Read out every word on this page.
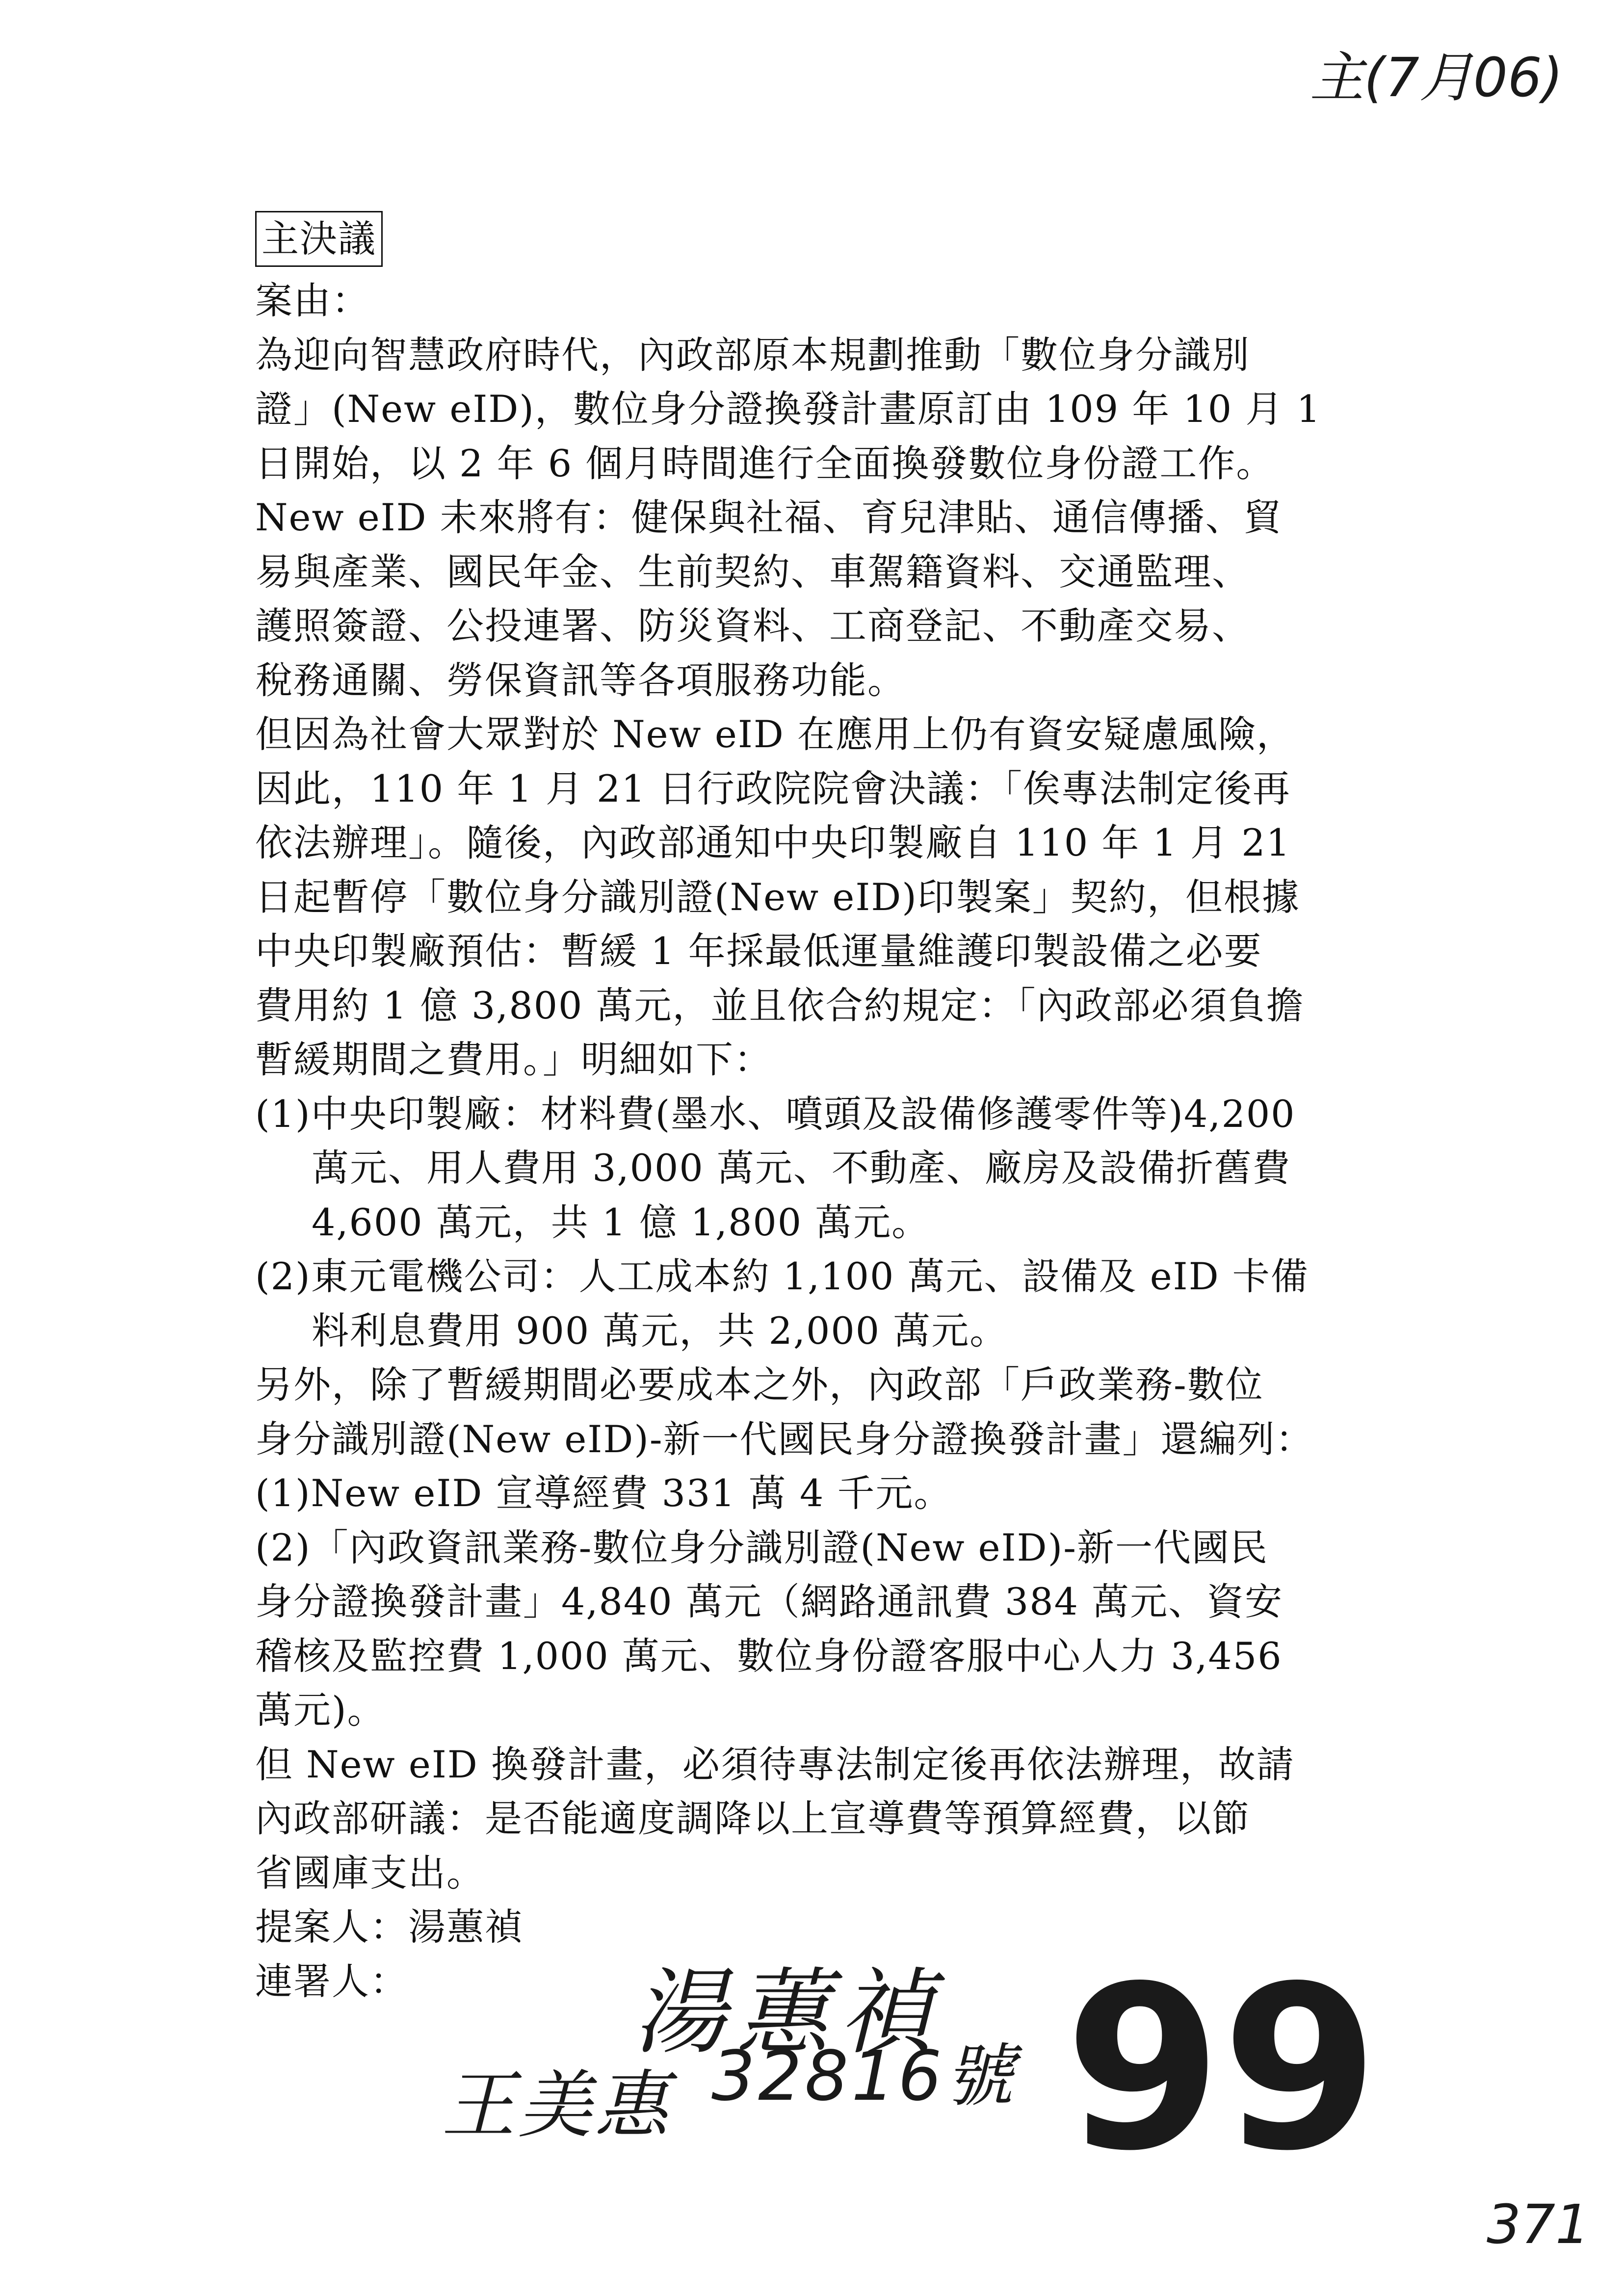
主(7月06)
主決議
案由：
為迎向智慧政府時代，內政部原本規劃推動「數位身分識別
證」(New eID)，數位身分證換發計畫原訂由 109 年 10 月 1
日開始，以 2 年 6 個月時間進行全面換發數位身份證工作。
New eID 未來將有：健保與社福、育兒津貼、通信傳播、貿
易與產業、國民年金、生前契約、車駕籍資料、交通監理、
護照簽證、公投連署、防災資料、工商登記、不動產交易、
稅務通關、勞保資訊等各項服務功能。
但因為社會大眾對於 New eID 在應用上仍有資安疑慮風險，
因此，110 年 1 月 21 日行政院院會決議：「俟專法制定後再
依法辦理」。隨後，內政部通知中央印製廠自 110 年 1 月 21
日起暫停「數位身分識別證(New eID)印製案」契約，但根據
中央印製廠預估：暫緩 1 年採最低運量維護印製設備之必要
費用約 1 億 3,800 萬元，並且依合約規定：「內政部必須負擔
暫緩期間之費用。」明細如下：
(1)中央印製廠：材料費(墨水、噴頭及設備修護零件等)4,200
萬元、用人費用 3,000 萬元、不動產、廠房及設備折舊費
4,600 萬元，共 1 億 1,800 萬元。
(2)東元電機公司：人工成本約 1,100 萬元、設備及 eID 卡備
料利息費用 900 萬元，共 2,000 萬元。
另外，除了暫緩期間必要成本之外，內政部「戶政業務-數位
身分識別證(New eID)-新一代國民身分證換發計畫」還編列：
(1)New eID 宣導經費 331 萬 4 千元。
(2)「內政資訊業務-數位身分識別證(New eID)-新一代國民
身分證換發計畫」4,840 萬元（網路通訊費 384 萬元、資安
稽核及監控費 1,000 萬元、數位身份證客服中心人力 3,456
萬元)。
但 New eID 換發計畫，必須待專法制定後再依法辦理，故請
內政部研議：是否能適度調降以上宣導費等預算經費，以節
省國庫支出。
提案人：湯蕙禎
連署人：	湯蕙禎
王美惠 32816號 99
371
